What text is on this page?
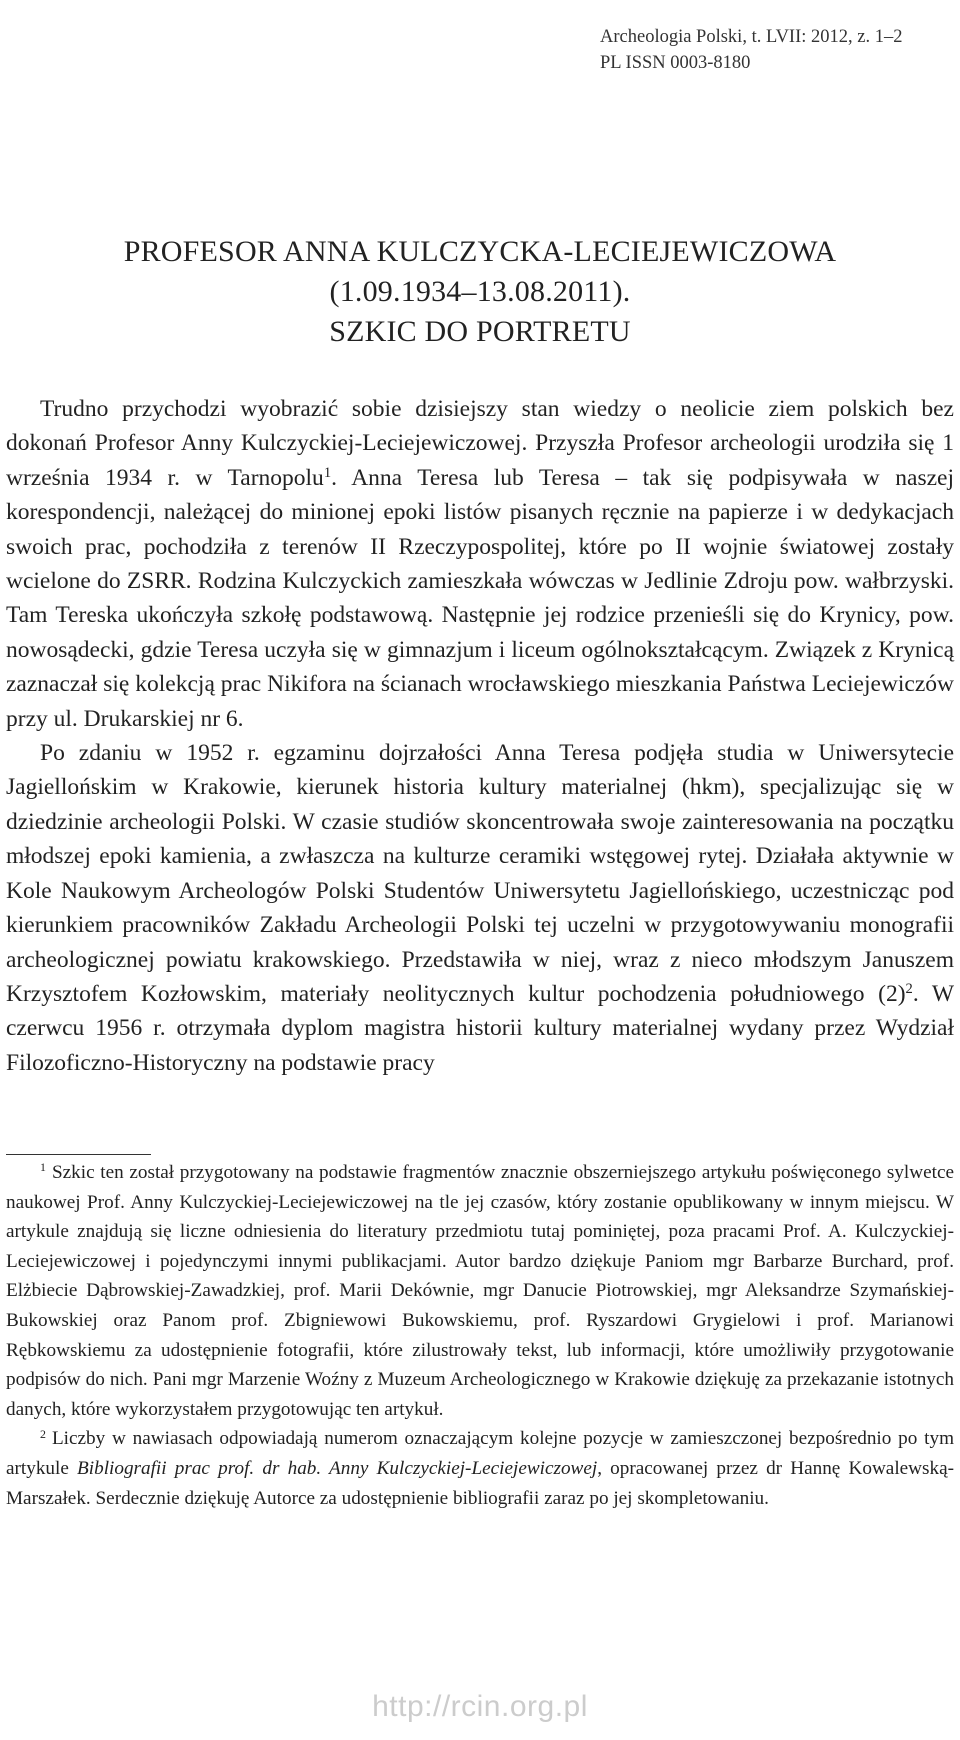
Archeologia Polski, t. LVII: 2012, z. 1–2
PL ISSN 0003-8180
PROFESOR ANNA KULCZYCKA-LECIEJEWICZOWA
(1.09.1934–13.08.2011).
SZKIC DO PORTRETU

Trudno przychodzi wyobrazić sobie dzisiejszy stan wiedzy o neolicie ziem polskich bez dokonań Profesor Anny Kulczyckiej-Leciejewiczowej. Przyszła Profesor archeologii urodziła się 1 września 1934 r. w Tarnopolu$^1$. Anna Teresa lub Teresa – tak się podpisywała w naszej korespondencji, należącej do minionej epoki listów pisanych ręcznie na papierze i w dedykacjach swoich prac, pochodziła z terenów II Rzeczypospolitej, które po II wojnie światowej zostały wcielone do ZSRR. Rodzina Kulczyckich zamieszkała wówczas w Jedlinie Zdroju pow. wałbrzyski. Tam Tereska ukończyła szkołę podstawową. Następnie jej rodzice przenieśli się do Krynicy, pow. nowosądecki, gdzie Teresa uczyła się w gimnazjum i liceum ogólnokształcącym. Związek z Krynicą zaznaczał się kolekcją prac Nikifora na ścianach wrocławskiego mieszkania Państwa Leciejewiczów przy ul. Drukarskiej nr 6.

Po zdaniu w 1952 r. egzaminu dojrzałości Anna Teresa podjęła studia w Uniwersytecie Jagiellońskim w Krakowie, kierunek historia kultury materialnej (hkm), specjalizując się w dziedzinie archeologii Polski. W czasie studiów skoncentrowała swoje zainteresowania na początku młodszej epoki kamienia, a zwłaszcza na kulturze ceramiki wstęgowej rytej. Działała aktywnie w Kole Naukowym Archeologów Polski Studentów Uniwersytetu Jagiellońskiego, uczestnicząc pod kierunkiem pracowników Zakładu Archeologii Polski tej uczelni w przygotowywaniu monografii archeologicznej powiatu krakowskiego. Przedstawiła w niej, wraz z nieco młodszym Januszem Krzysztofem Kozłowskim, materiały neolitycznych kultur pochodzenia południowego $(2)^2$. W czerwcu 1956 r. otrzymała dyplom magistra historii kultury materialnej wydany przez Wydział Filozoficzno-Historyczny na podstawie pracy

$^1$ Szkic ten został przygotowany na podstawie fragmentów znacznie obszerniejszego artykułu poświęconego sylwetce naukowej Prof. Anny Kulczyckiej-Leciejewiczowej na tle jej czasów, który zostanie opublikowany w innym miejscu. W artykule znajdują się liczne odniesienia do literatury przedmiotu tutaj pominiętej, poza pracami Prof. A. Kulczyckiej-Leciejewiczowej i pojedynczymi innymi publikacjami. Autor bardzo dziękuje Paniom mgr Barbarze Burchard, prof. Elżbiecie Dąbrowskiej-Zawadzkiej, prof. Marii Dekównie, mgr Danucie Piotrowskiej, mgr Aleksandrze Szymańskiej-Bukowskiej oraz Panom prof. Zbigniewowi Bukowskiemu, prof. Ryszardowi Grygielowi i prof. Marianowi Rębkowskiemu za udostępnienie fotografii, które zilustrowały tekst, lub informacji, które umożliwiły przygotowanie podpisów do nich. Pani mgr Marzenie Woźny z Muzeum Archeologicznego w Krakowie dziękuję za przekazanie istotnych danych, które wykorzystałem przygotowując ten artykuł.

$^2$ Liczby w nawiasach odpowiadają numerom oznaczającym kolejne pozycje w zamieszczonej bezpośrednio po tym artykule Bibliografii prac prof. dr hab. Anny Kulczyckiej-Leciejewiczowej, opracowanej przez dr Hannę Kowalewską-Marszałek. Serdecznie dziękuję Autorce za udostępnienie bibliografii zaraz po jej skompletowaniu.

http://rcin.org.pl
